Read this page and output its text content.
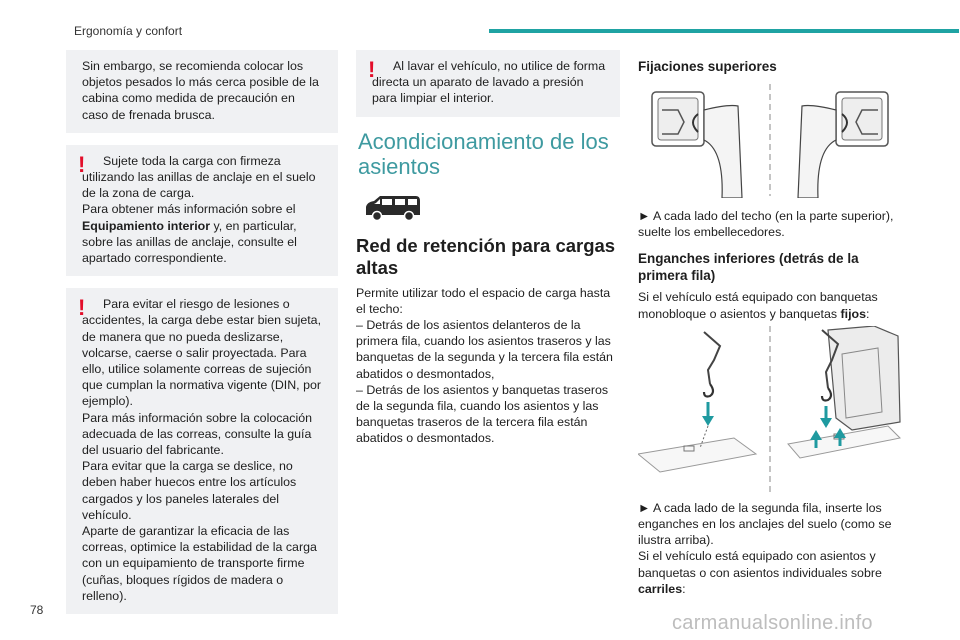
Ergonomía y confort
Sin embargo, se recomienda colocar los objetos pesados lo más cerca posible de la cabina como medida de precaución en caso de frenada brusca.
!	Sujete toda la carga con firmeza utilizando las anillas de anclaje en el suelo de la zona de carga.
Para obtener más información sobre el Equipamiento interior y, en particular, sobre las anillas de anclaje, consulte el apartado correspondiente.
!	Para evitar el riesgo de lesiones o accidentes, la carga debe estar bien sujeta, de manera que no pueda deslizarse, volcarse, caerse o salir proyectada. Para ello, utilice solamente correas de sujeción que cumplan la normativa vigente (DIN, por ejemplo).
Para más información sobre la colocación adecuada de las correas, consulte la guía del usuario del fabricante.
Para evitar que la carga se deslice, no deben haber huecos entre los artículos cargados y los paneles laterales del vehículo.
Aparte de garantizar la eficacia de las correas, optimice la estabilidad de la carga con un equipamiento de transporte firme (cuñas, bloques rígidos de madera o relleno).
!	Al lavar el vehículo, no utilice de forma directa un aparato de lavado a presión para limpiar el interior.
Acondicionamiento de los asientos
Red de retención para cargas altas
Permite utilizar todo el espacio de carga hasta el techo:
– Detrás de los asientos delanteros de la primera fila, cuando los asientos traseros y las banquetas de la segunda y la tercera fila están abatidos o desmontados,
– Detrás de los asientos y banquetas traseros de la segunda fila, cuando los asientos y las banquetas traseros de la tercera fila están abatidos o desmontados.
Fijaciones superiores

► A cada lado del techo (en la parte superior), suelte los embellecedores.

Enganches inferiores (detrás de la primera fila)

Si el vehículo está equipado con banquetas monobloque o asientos y banquetas fijos:

► A cada lado de la segunda fila, inserte los enganches en los anclajes del suelo (como se ilustra arriba).

Si el vehículo está equipado con asientos y banquetas o con asientos individuales sobre carriles:

78
carmanualsonline.info
